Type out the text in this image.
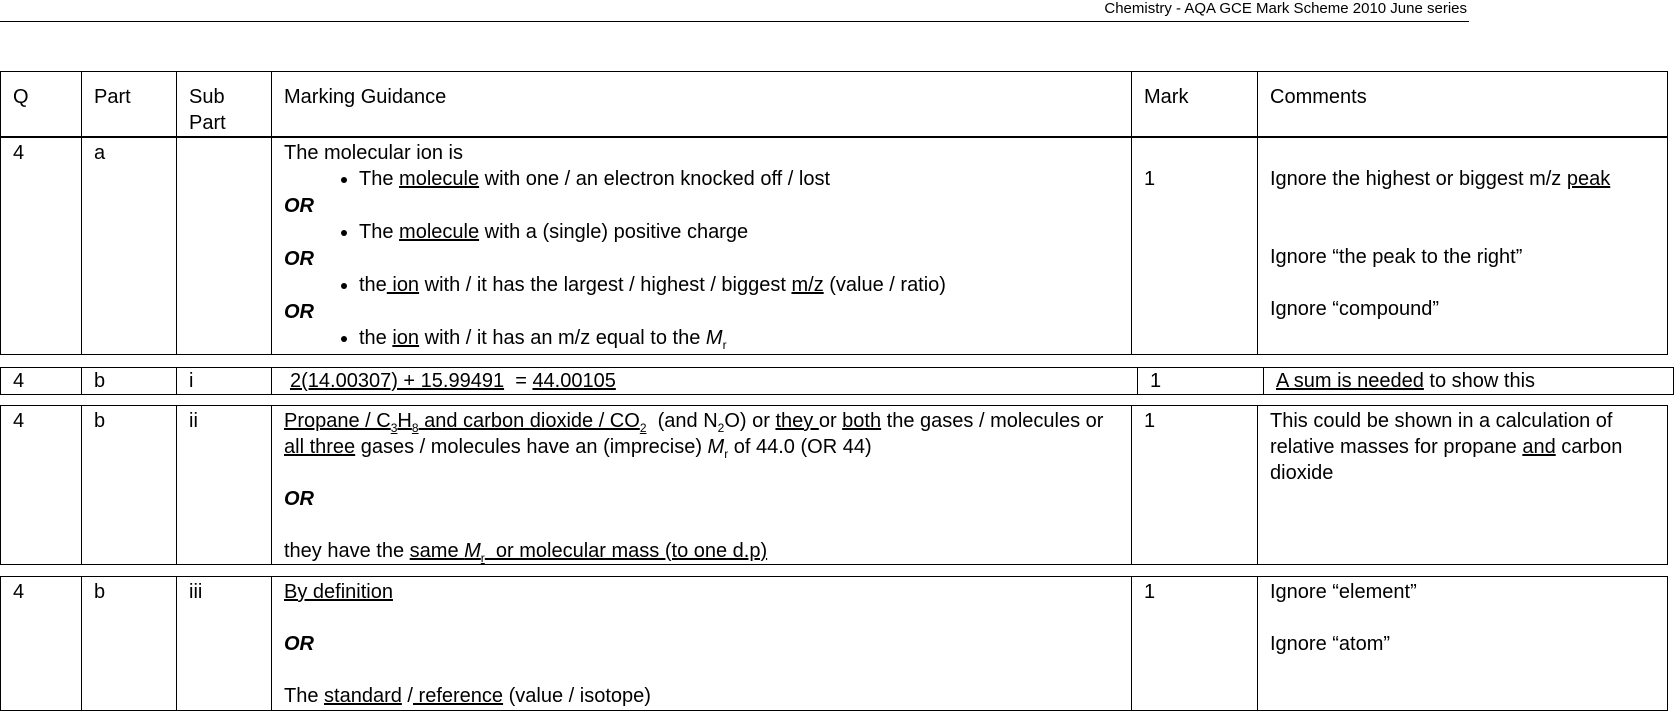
Chemistry - AQA GCE Mark Scheme 2010 June series
Q	Part	Sub Part	Marking Guidance	Mark	Comments
4	a		The molecular ion is
• The molecule with one / an electron knocked off / lost
OR
• The molecule with a (single) positive charge
OR
• the ion with / it has the largest / highest / biggest m/z (value / ratio)
OR
• the ion with / it has an m/z equal to the $M_r$
	1	Ignore the highest or biggest m/z peak
Ignore “the peak to the right”
Ignore “compound”
4	b	i	2(14.00307) + 15.99491  = 44.00105	1	A sum is needed to show this
4	b	ii	Propane / $C_3H_8$ and carbon dioxide / $CO_2$  (and $N_2O$) or they or both the gases / molecules or all three gases / molecules have an (imprecise) $M_r$ of 44.0 (OR 44)
OR
they have the same $M_r$  or molecular mass (to one d.p)
	1	This could be shown in a calculation of relative masses for propane and carbon dioxide
4	b	iii	By definition
OR
The standard / reference (value / isotope)
	1	Ignore “element”
Ignore “atom”
